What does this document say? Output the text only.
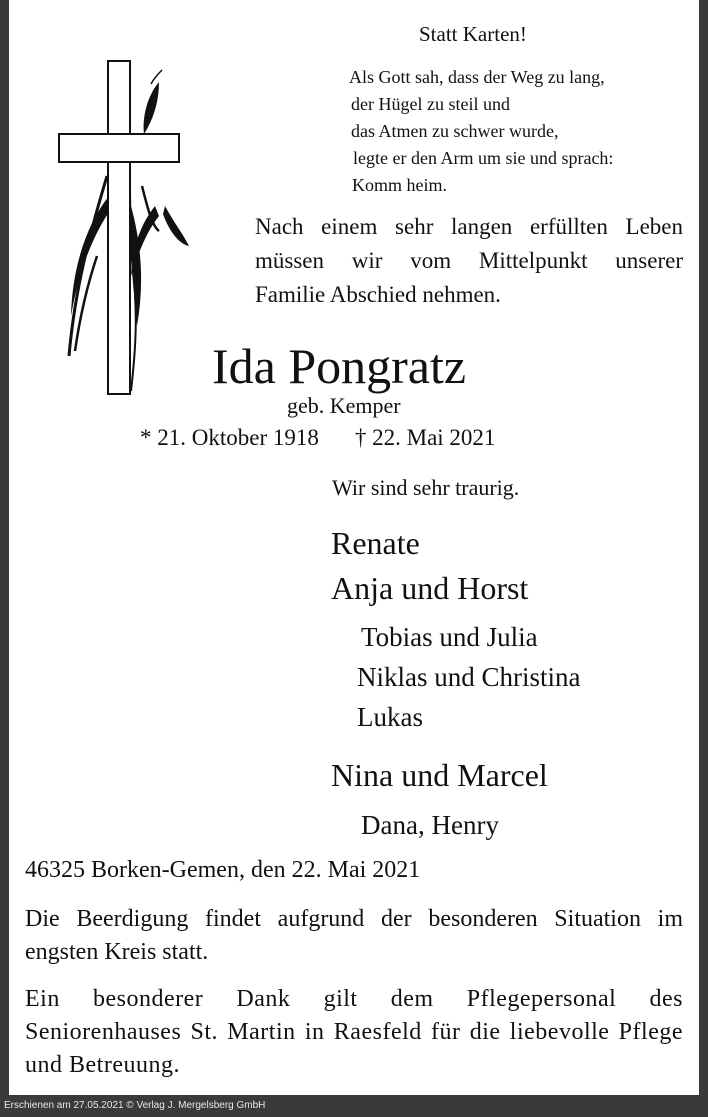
Statt Karten!
Als Gott sah, dass der Weg zu lang,
der Hügel zu steil und
das Atmen zu schwer wurde,
legte er den Arm um sie und sprach:
Komm heim.
Nach einem sehr langen erfüllten Leben
müssen wir vom Mittelpunkt unserer
Familie Abschied nehmen.
Ida Pongratz
geb. Kemper
* 21. Oktober 1918 † 22. Mai 2021
Wir sind sehr traurig.
Renate
Anja und Horst
Tobias und Julia
Niklas und Christina
Lukas
Nina und Marcel
Dana, Henry
46325 Borken-Gemen, den 22. Mai 2021
Die Beerdigung findet aufgrund der besonderen Situation im engsten Kreis statt.
Ein besonderer Dank gilt dem Pflegepersonal des Seniorenhauses St. Martin in Raesfeld für die liebevolle Pflege und Betreuung.
Erschienen am 27.05.2021 © Verlag J. Mergelsberg GmbH
